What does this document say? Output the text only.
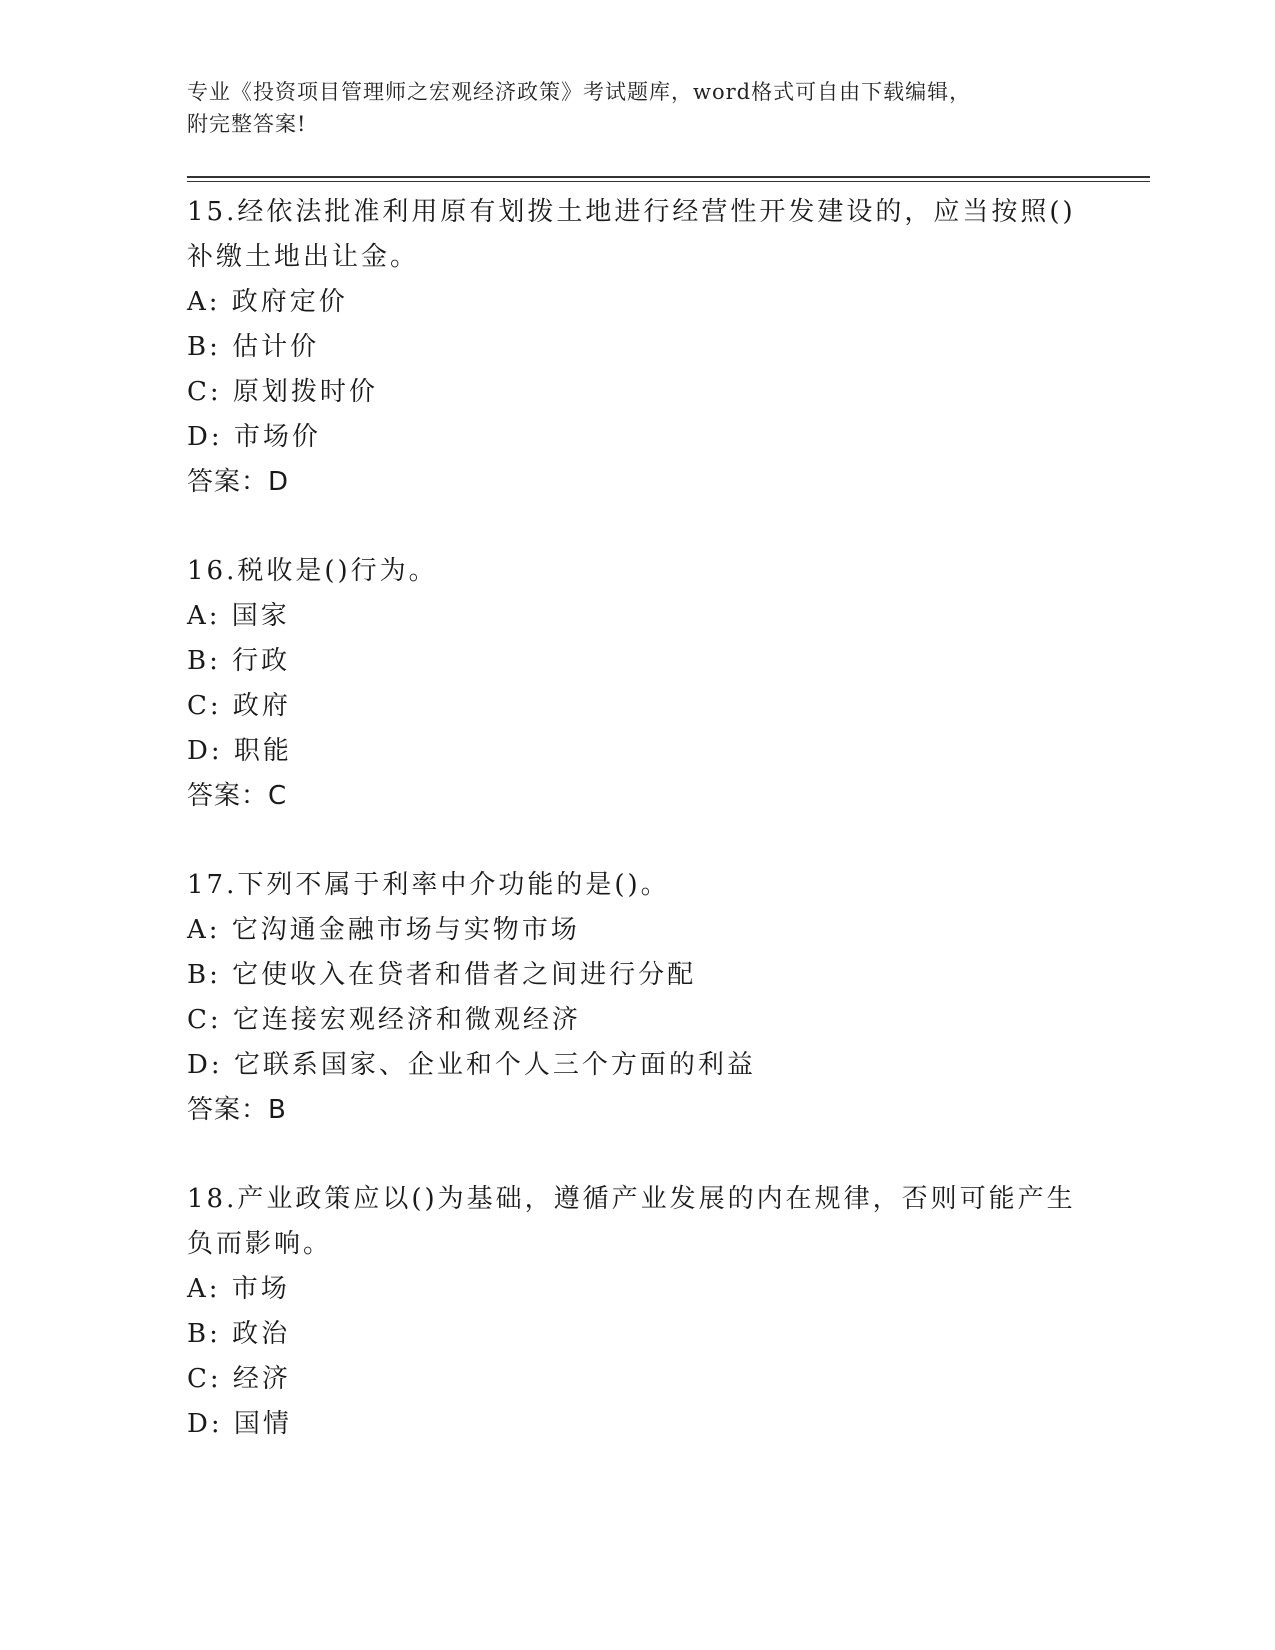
专业《投资项目管理师之宏观经济政策》考试题库，word格式可自由下载编辑，
附完整答案!
15.经依法批准利用原有划拨土地进行经营性开发建设的，应当按照()
补缴土地出让金。
A: 政府定价
B: 估计价
C: 原划拨时价
D: 市场价
答案：D
16.税收是()行为。
A: 国家
B: 行政
C: 政府
D: 职能
答案：C
17.下列不属于利率中介功能的是()。
A: 它沟通金融市场与实物市场
B: 它使收入在贷者和借者之间进行分配
C: 它连接宏观经济和微观经济
D: 它联系国家、企业和个人三个方面的利益
答案：B
18.产业政策应以()为基础，遵循产业发展的内在规律，否则可能产生
负而影响。
A: 市场
B: 政治
C: 经济
D: 国情
